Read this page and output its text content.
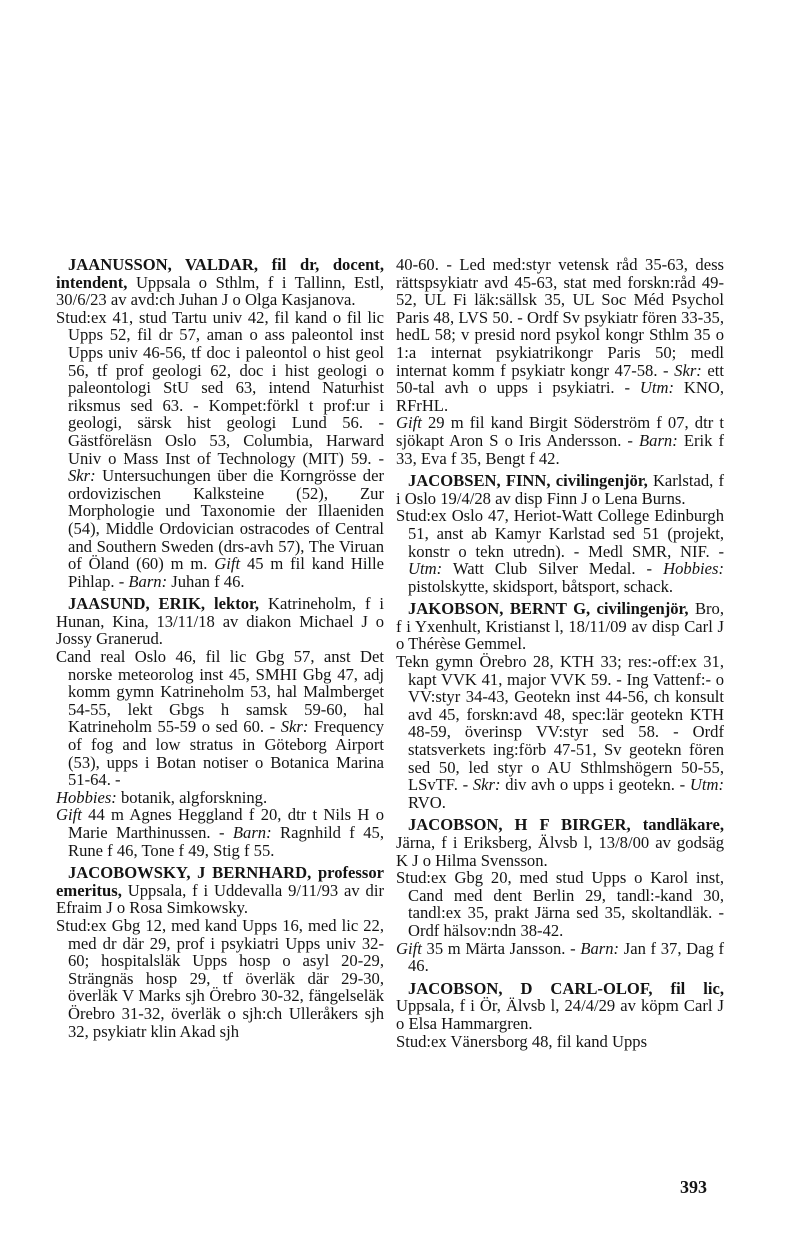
JAANUSSON, VALDAR, fil dr, docent, intendent, Uppsala o Sthlm, f i Tallinn, Estl, 30/6/23 av avd:ch Juhan J o Olga Kasjanova.

Stud:ex 41, stud Tartu univ 42, fil kand o fil lic Upps 52, fil dr 57, aman o ass paleontol inst Upps univ 46-56, tf doc i paleontol o hist geol 56, tf prof geologi 62, doc i hist geologi o paleontologi StU sed 63, intend Naturhist riksmus sed 63. - Kompet:förkl t prof:ur i geologi, särsk hist geologi Lund 56. - Gästföreläsn Oslo 53, Columbia, Harward Univ o Mass Inst of Technology (MIT) 59. - Skr: Untersuchungen über die Korngrösse der ordovizischen Kalksteine (52), Zur Morphologie und Taxonomie der Illaeniden (54), Middle Ordovician ostracodes of Central and Southern Sweden (drs-avh 57), The Viruan of Öland (60) m m. Gift 45 m fil kand Hille Pihlap. - Barn: Juhan f 46.

JAASUND, ERIK, lektor, Katrineholm, f i Hunan, Kina, 13/11/18 av diakon Michael J o Jossy Granerud.

Cand real Oslo 46, fil lic Gbg 57, anst Det norske meteorolog inst 45, SMHI Gbg 47, adj komm gymn Katrineholm 53, hal Malmberget 54-55, lekt Gbgs h samsk 59-60, hal Katrineholm 55-59 o sed 60. - Skr: Frequency of fog and low stratus in Göteborg Airport (53), upps i Botan notiser o Botanica Marina 51-64. -

Hobbies: botanik, algforskning.

Gift 44 m Agnes Heggland f 20, dtr t Nils H o Marie Marthinussen. - Barn: Ragnhild f 45, Rune f 46, Tone f 49, Stig f 55.

JACOBOWSKY, J BERNHARD, professor emeritus, Uppsala, f i Uddevalla 9/11/93 av dir Efraim J o Rosa Simkowsky.

Stud:ex Gbg 12, med kand Upps 16, med lic 22, med dr där 29, prof i psykiatri Upps univ 32-60; hospitalsläk Upps hosp o asyl 20-29, Strängnäs hosp 29, tf överläk där 29-30, överläk V Marks sjh Örebro 30-32, fängelseläk Örebro 31-32, överläk o sjh:ch Ulleråkers sjh 32, psykiatr klin Akad sjh

40-60. - Led med:styr vetensk råd 35-63, dess rättspsykiatr avd 45-63, stat med forskn:råd 49-52, UL Fi läk:sällsk 35, UL Soc Méd Psychol Paris 48, LVS 50. - Ordf Sv psykiatr fören 33-35, hedL 58; v presid nord psykol kongr Sthlm 35 o 1:a internat psykiatrikongr Paris 50; medl internat komm f psykiatr kongr 47-58. - Skr: ett 50-tal avh o upps i psykiatri. - Utm: KNO, RFrHL.

Gift 29 m fil kand Birgit Söderström f 07, dtr t sjökapt Aron S o Iris Andersson. - Barn: Erik f 33, Eva f 35, Bengt f 42.

JACOBSEN, FINN, civilingenjör, Karlstad, f i Oslo 19/4/28 av disp Finn J o Lena Burns.

Stud:ex Oslo 47, Heriot-Watt College Edinburgh 51, anst ab Kamyr Karlstad sed 51 (projekt, konstr o tekn utredn). - Medl SMR, NIF. - Utm: Watt Club Silver Medal. - Hobbies: pistolskytte, skidsport, båtsport, schack.

JAKOBSON, BERNT G, civilingenjör, Bro, f i Yxenhult, Kristianst l, 18/11/09 av disp Carl J o Thérèse Gemmel.

Tekn gymn Örebro 28, KTH 33; res:-off:ex 31, kapt VVK 41, major VVK 59. - Ing Vattenf:- o VV:styr 34-43, Geotekn inst 44-56, ch konsult avd 45, forskn:avd 48, spec:lär geotekn KTH 48-59, överinsp VV:styr sed 58. - Ordf statsverkets ing:förb 47-51, Sv geotekn fören sed 50, led styr o AU Sthlmshögern 50-55, LSvTF. - Skr: div avh o upps i geotekn. - Utm: RVO.

JACOBSON, H F BIRGER, tandläkare, Järna, f i Eriksberg, Älvsb l, 13/8/00 av godsäg K J o Hilma Svensson.

Stud:ex Gbg 20, med stud Upps o Karol inst, Cand med dent Berlin 29, tandl:-kand 30, tandl:ex 35, prakt Järna sed 35, skoltandläk. - Ordf hälsov:ndn 38-42.

Gift 35 m Märta Jansson. - Barn: Jan f 37, Dag f 46.

JACOBSON, D CARL-OLOF, fil lic, Uppsala, f i Ör, Älvsb l, 24/4/29 av köpm Carl J o Elsa Hammargren.

Stud:ex Vänersborg 48, fil kand Upps

393
